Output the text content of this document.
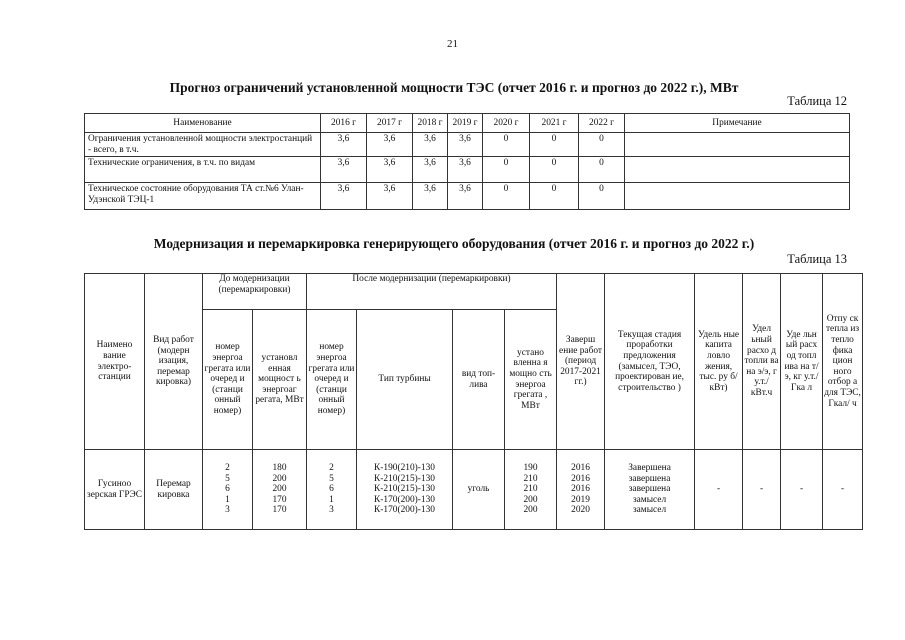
21
Прогноз ограничений установленной мощности ТЭС (отчет 2016 г. и прогноз до 2022 г.), МВт
Таблица 12
Наименование	2016 г	2017 г	2018 г	2019 г	2020 г	2021 г	2022 г	Примечание
Ограничения установленной мощности электростанций - всего, в т.ч.	3,6	3,6	3,6	3,6	0	0	0	
Технические ограничения, в т.ч. по видам	3,6	3,6	3,6	3,6	0	0	0	
Техническое состояние оборудования ТА ст.№6 Улан-Удэнской ТЭЦ-1	3,6	3,6	3,6	3,6	0	0	0	
Модернизация и перемаркировка генерирующего оборудования (отчет 2016 г. и прогноз до 2022 г.)
Таблица 13
Наимено вание электро-станции	Вид работ (модерн изация, перемар кировка)	До модернизации (перемаркировки)		После модернизации (перемаркировки)				Заверш ение работ (период 2017-2021 гг.)	Текущая стадия проработки предложения (замысел, ТЭО, проектирован ие, строительство )	Удель ные капита ловло жения, тыс. ру б/кВт)	Удел ьный расхо д топли ва на э/э, г у.т./ кВт.ч	Уде льн ый расх од топл ива на т/э, кг у.т./ Гка л	Отпу ск тепла из тепло фика цион ного отбор а для ТЭС, Гкал/ ч
		номер энергоа грегата или очеред и (станци онный номер)	установл енная мощност ь энергоаг регата, МВт	номер энергоа грегата или очеред и (станци онный номер)	Тип турбины	вид топ-лива	устано вленна я мощно сть энергоа грегата , МВт						
Гусиноо зерская ГРЭС	Перемар кировка	2
5
6
1
3	180
200
200
170
170	2
5
6
1
3	К-190(210)-130
К-210(215)-130
К-210(215)-130
К-170(200)-130
К-170(200)-130	уголь	190
210
210
200
200	2016
2016
2016
2019
2020	Завершена
завершена
завершена
замысел
замысел	-	-	-	-
